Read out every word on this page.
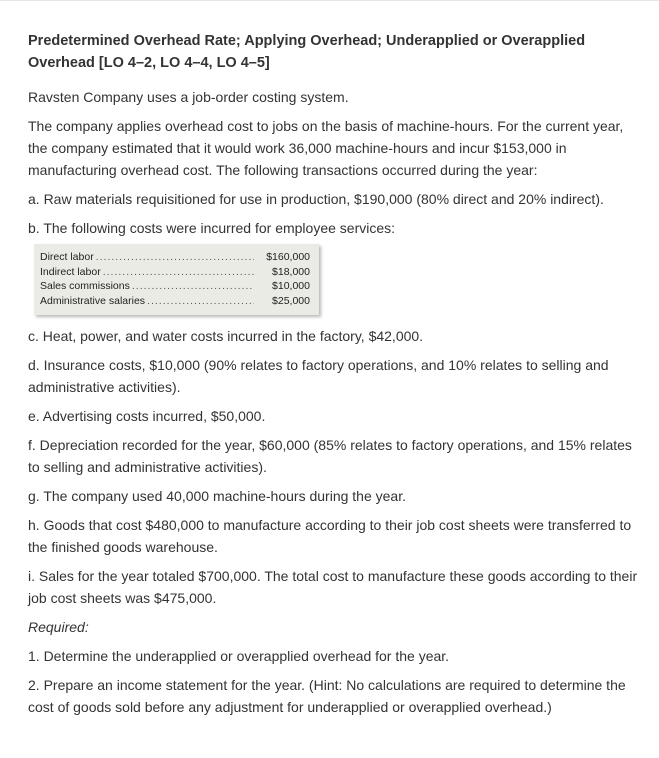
Predetermined Overhead Rate; Applying Overhead; Underapplied or Overapplied Overhead [LO 4–2, LO 4–4, LO 4–5]

Ravsten Company uses a job-order costing system.

The company applies overhead cost to jobs on the basis of machine-hours. For the current year, the company estimated that it would work 36,000 machine-hours and incur $153,000 in manufacturing overhead cost. The following transactions occurred during the year:

a. Raw materials requisitioned for use in production, $190,000 (80% direct and 20% indirect).

b. The following costs were incurred for employee services:

Direct labor .....	$160,000
Indirect labor .....	$18,000
Sales commissions .....	$10,000
Administrative salaries .....	$25,000

c. Heat, power, and water costs incurred in the factory, $42,000.

d. Insurance costs, $10,000 (90% relates to factory operations, and 10% relates to selling and administrative activities).

e. Advertising costs incurred, $50,000.

f. Depreciation recorded for the year, $60,000 (85% relates to factory operations, and 15% relates to selling and administrative activities).

g. The company used 40,000 machine-hours during the year.

h. Goods that cost $480,000 to manufacture according to their job cost sheets were transferred to the finished goods warehouse.

i. Sales for the year totaled $700,000. The total cost to manufacture these goods according to their job cost sheets was $475,000.

Required:

1. Determine the underapplied or overapplied overhead for the year.

2. Prepare an income statement for the year. (Hint: No calculations are required to determine the cost of goods sold before any adjustment for underapplied or overapplied overhead.)
